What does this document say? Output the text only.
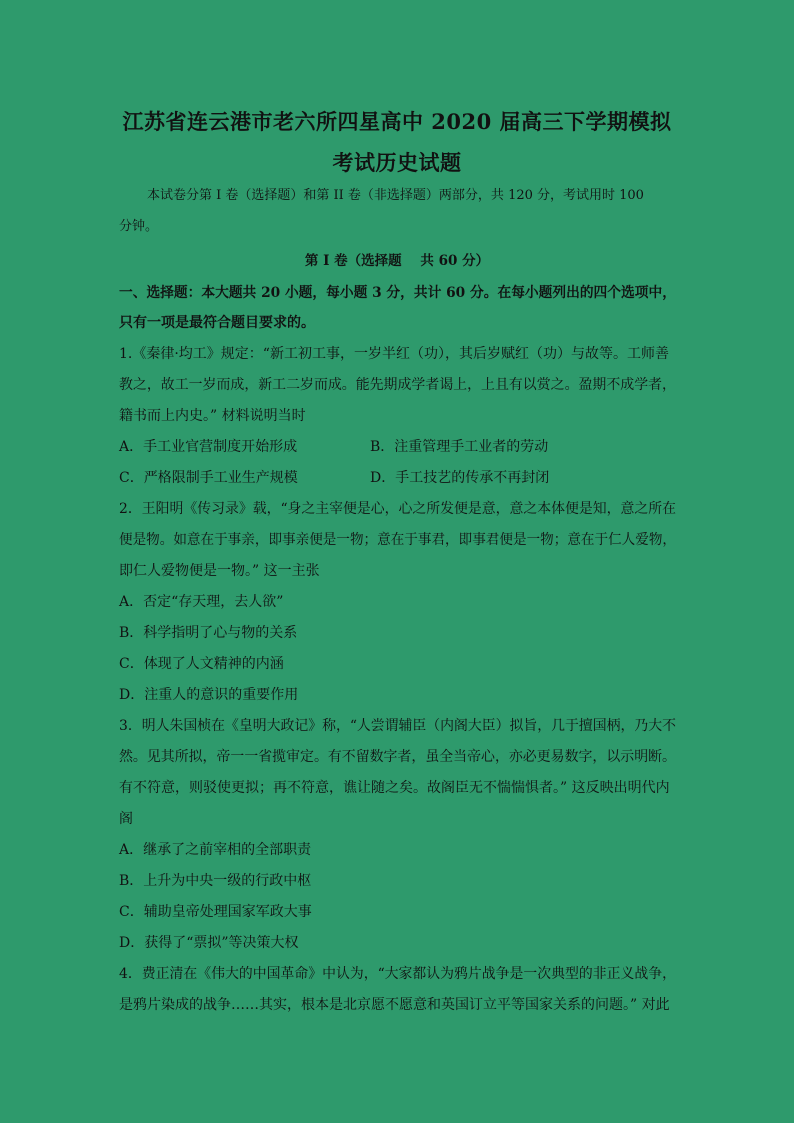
江苏省连云港市老六所四星高中 2020 届高三下学期模拟
考试历史试题
本试卷分第 I 卷（选择题）和第 II 卷（非选择题）两部分，共 120 分，考试用时 100
分钟。
第 I 卷（选择题    共 60 分）
一、选择题：本大题共 20 小题，每小题 3 分，共计 60 分。在每小题列出的四个选项中，
只有一项是最符合题目要求的。
1.《秦律·均工》规定：“新工初工事，一岁半红（功），其后岁赋红（功）与故等。工师善
教之，故工一岁而成，新工二岁而成。能先期成学者谒上，上且有以赏之。盈期不成学者，
籍书而上内史。” 材料说明当时
A．手工业官营制度开始形成	B．注重管理手工业者的劳动
C．严格限制手工业生产规模	D．手工技艺的传承不再封闭
2．王阳明《传习录》载，“身之主宰便是心，心之所发便是意，意之本体便是知，意之所在
便是物。如意在于事亲，即事亲便是一物；意在于事君，即事君便是一物；意在于仁人爱物，
即仁人爱物便是一物。” 这一主张
A．否定“存天理，去人欲”
B．科学指明了心与物的关系
C．体现了人文精神的内涵
D．注重人的意识的重要作用
3．明人朱国桢在《皇明大政记》称，“人尝谓辅臣（内阁大臣）拟旨，几于擅国柄，乃大不
然。见其所拟，帝一一省揽审定。有不留数字者，虽全当帝心，亦必更易数字，以示明断。
有不符意，则驳使更拟；再不符意，谯让随之矣。故阁臣无不惴惴惧者。” 这反映出明代内
阁
A．继承了之前宰相的全部职责
B．上升为中央一级的行政中枢
C．辅助皇帝处理国家军政大事
D．获得了“票拟”等决策大权
4．费正清在《伟大的中国革命》中认为，“大家都认为鸦片战争是一次典型的非正义战争，
是鸦片染成的战争……其实，根本是北京愿不愿意和英国订立平等国家关系的问题。” 对此
